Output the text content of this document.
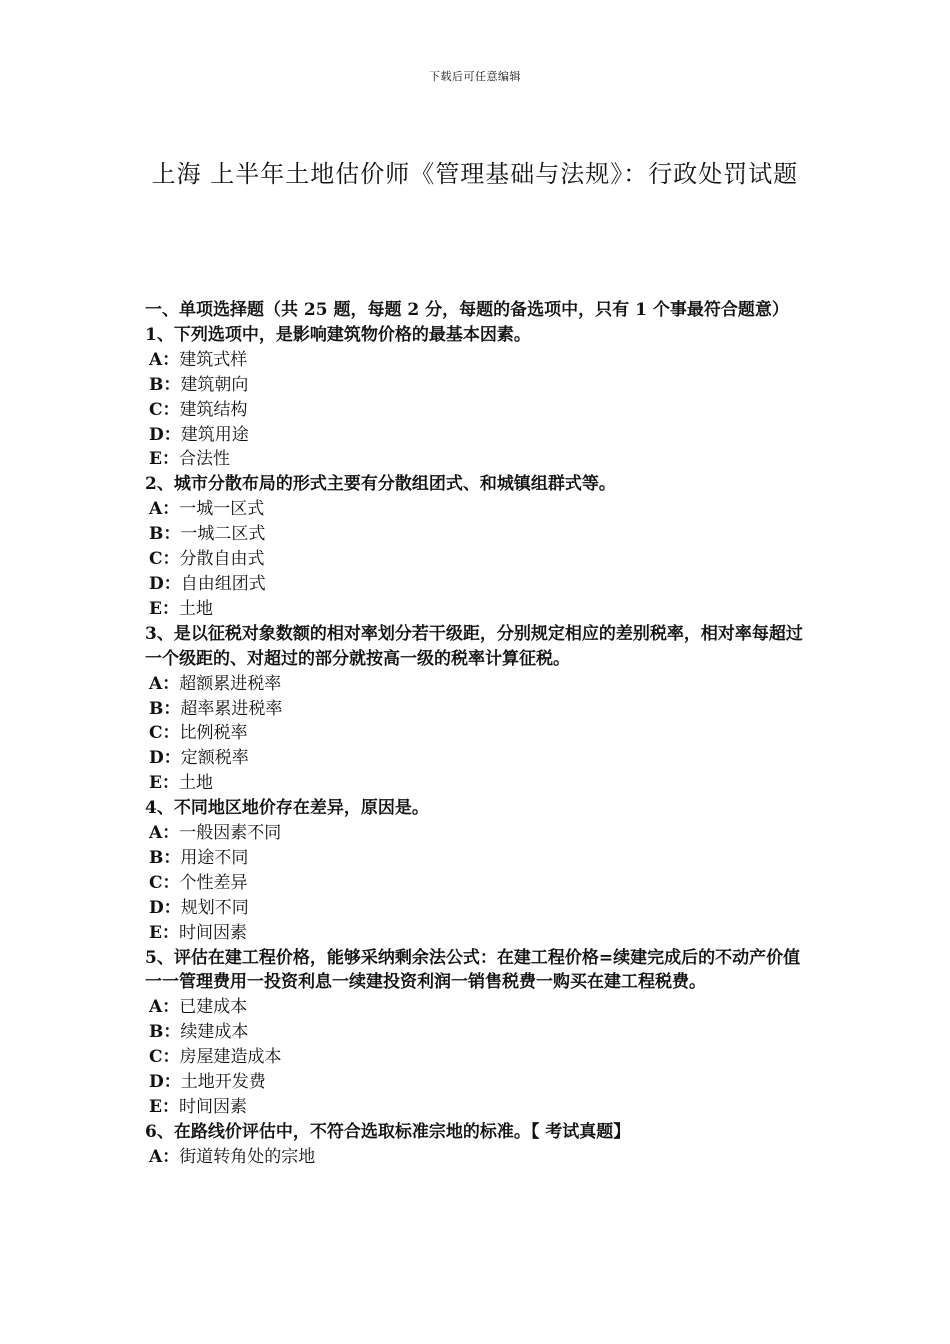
下载后可任意编辑
上海 上半年土地估价师《管理基础与法规》：行政处罚试题

一、单项选择题（共 25 题，每题 2 分，每题的备选项中，只有 1 个事最符合题意）

1、下列选项中，是影响建筑物价格的最基本因素。

A：建筑式样

B：建筑朝向

C：建筑结构

D：建筑用途

E：合法性

2、城市分散布局的形式主要有分散组团式、和城镇组群式等。

A：一城一区式

B：一城二区式

C：分散自由式

D：自由组团式

E：土地

3、是以征税对象数额的相对率划分若干级距，分别规定相应的差别税率，相对率每超过一个级距的、对超过的部分就按高一级的税率计算征税。

A：超额累进税率

B：超率累进税率

C：比例税率

D：定额税率

E：土地

4、不同地区地价存在差异，原因是。

A：一般因素不同

B：用途不同

C：个性差异

D：规划不同

E：时间因素

5、评估在建工程价格，能够采纳剩余法公式：在建工程价格=续建完成后的不动产价值一一管理费用一投资利息一续建投资利润一销售税费一购买在建工程税费。

A：已建成本

B：续建成本

C：房屋建造成本

D：土地开发费

E：时间因素

6、在路线价评估中，不符合选取标准宗地的标准。【 考试真题】

A：街道转角处的宗地
